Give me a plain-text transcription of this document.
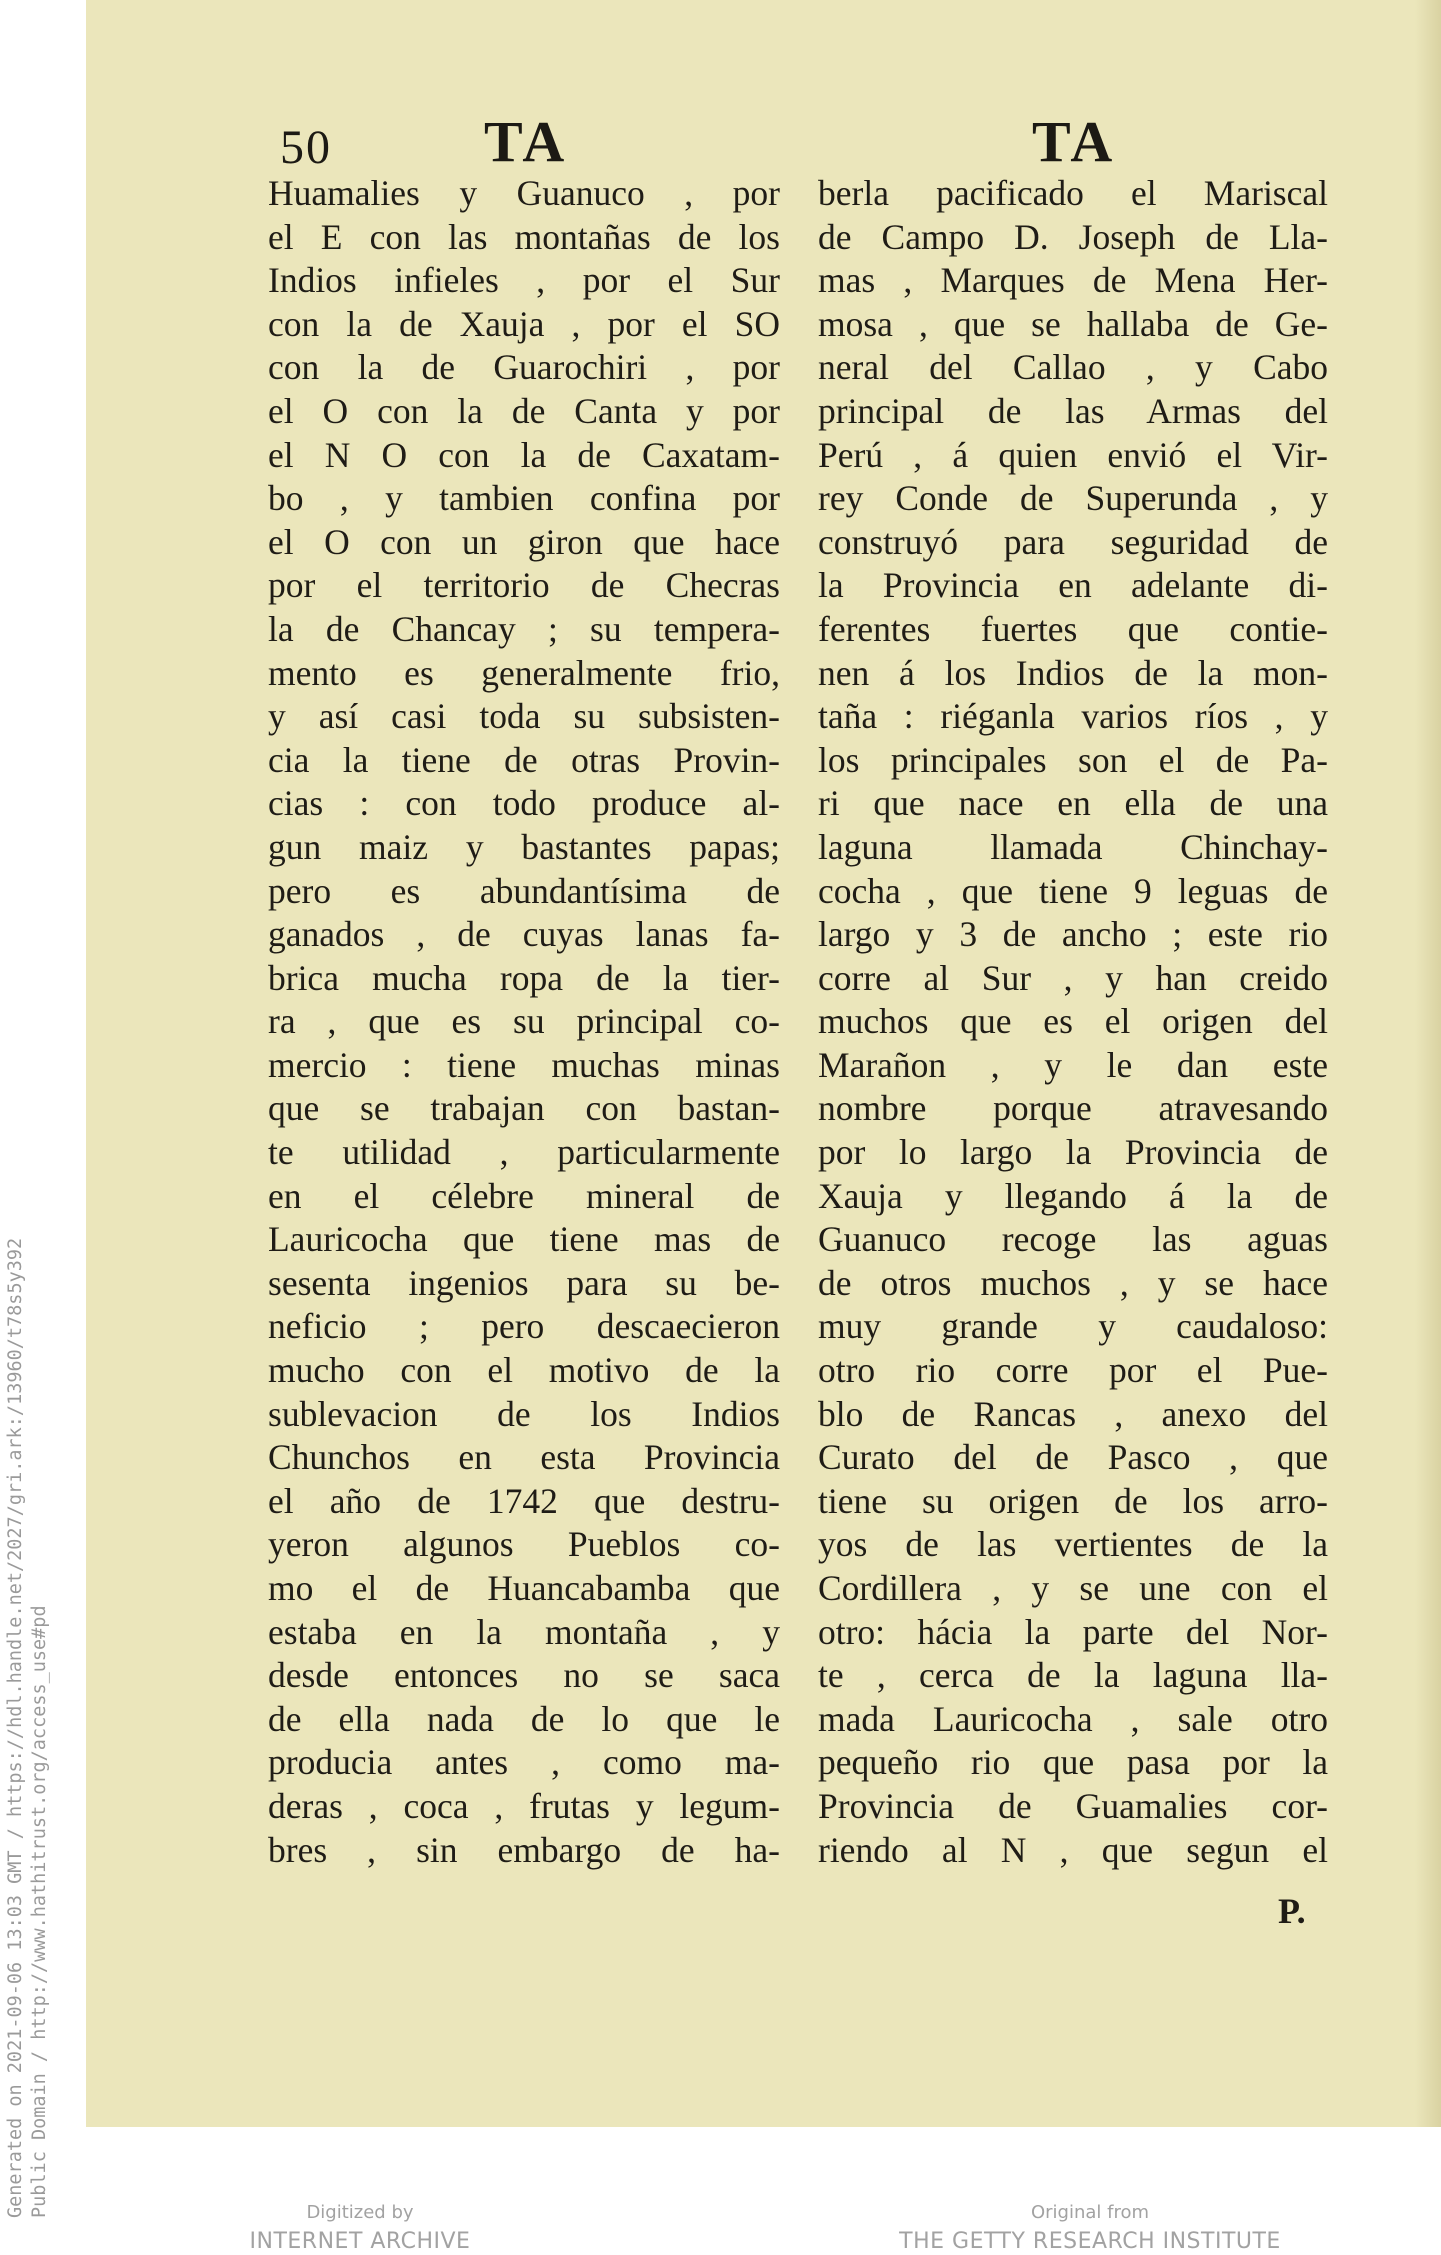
50	TA	TA
Huamalies y Guanuco , por
el E con las montañas de los
Indios infieles , por el Sur
con la de Xauja , por el SO
con la de Guarochiri , por
el O con la de Canta y por
el N O con la de Caxatam-
bo , y tambien confina por
el O con un giron que hace
por el territorio de Checras
la de Chancay ; su tempera-
mento es generalmente frio,
y así casi toda su subsisten-
cia la tiene de otras Provin-
cias : con todo produce al-
gun maiz y bastantes papas;
pero es abundantísima de
ganados , de cuyas lanas fa-
brica mucha ropa de la tier-
ra , que es su principal co-
mercio : tiene muchas minas
que se trabajan con bastan-
te utilidad , particularmente
en el célebre mineral de
Lauricocha que tiene mas de
sesenta ingenios para su be-
neficio ; pero descaecieron
mucho con el motivo de la
sublevacion de los Indios
Chunchos en esta Provincia
el año de 1742 que destru-
yeron algunos Pueblos co-
mo el de Huancabamba que
estaba en la montaña , y
desde entonces no se saca
de ella nada de lo que le
producia antes , como ma-
deras , coca , frutas y legum-
bres , sin embargo de ha-
berla pacificado el Mariscal
de Campo D. Joseph de Lla-
mas , Marques de Mena Her-
mosa , que se hallaba de Ge-
neral del Callao , y Cabo
principal de las Armas del
Perú , á quien envió el Vir-
rey Conde de Superunda , y
construyó para seguridad de
la Provincia en adelante di-
ferentes fuertes que contie-
nen á los Indios de la mon-
taña : riéganla varios ríos , y
los principales son el de Pa-
ri que nace en ella de una
laguna llamada Chinchay-
cocha , que tiene 9 leguas de
largo y 3 de ancho ; este rio
corre al Sur , y han creido
muchos que es el origen del
Marañon , y le dan este
nombre porque atravesando
por lo largo la Provincia de
Xauja y llegando á la de
Guanuco recoge las aguas
de otros muchos , y se hace
muy grande y caudaloso:
otro rio corre por el Pue-
blo de Rancas , anexo del
Curato del de Pasco , que
tiene su origen de los arro-
yos de las vertientes de la
Cordillera , y se une con el
otro: hácia la parte del Nor-
te , cerca de la laguna lla-
mada Lauricocha , sale otro
pequeño rio que pasa por la
Provincia de Guamalies cor-
riendo al N , que segun el
P.
Generated on 2021-09-06 13:03 GMT / https://hdl.handle.net/2027/gri.ark:/13960/t78s5y392 Public Domain / http://www.hathitrust.org/access_use#pd	Digitized by
INTERNET ARCHIVE
Original from
THE GETTY RESEARCH INSTITUTE
